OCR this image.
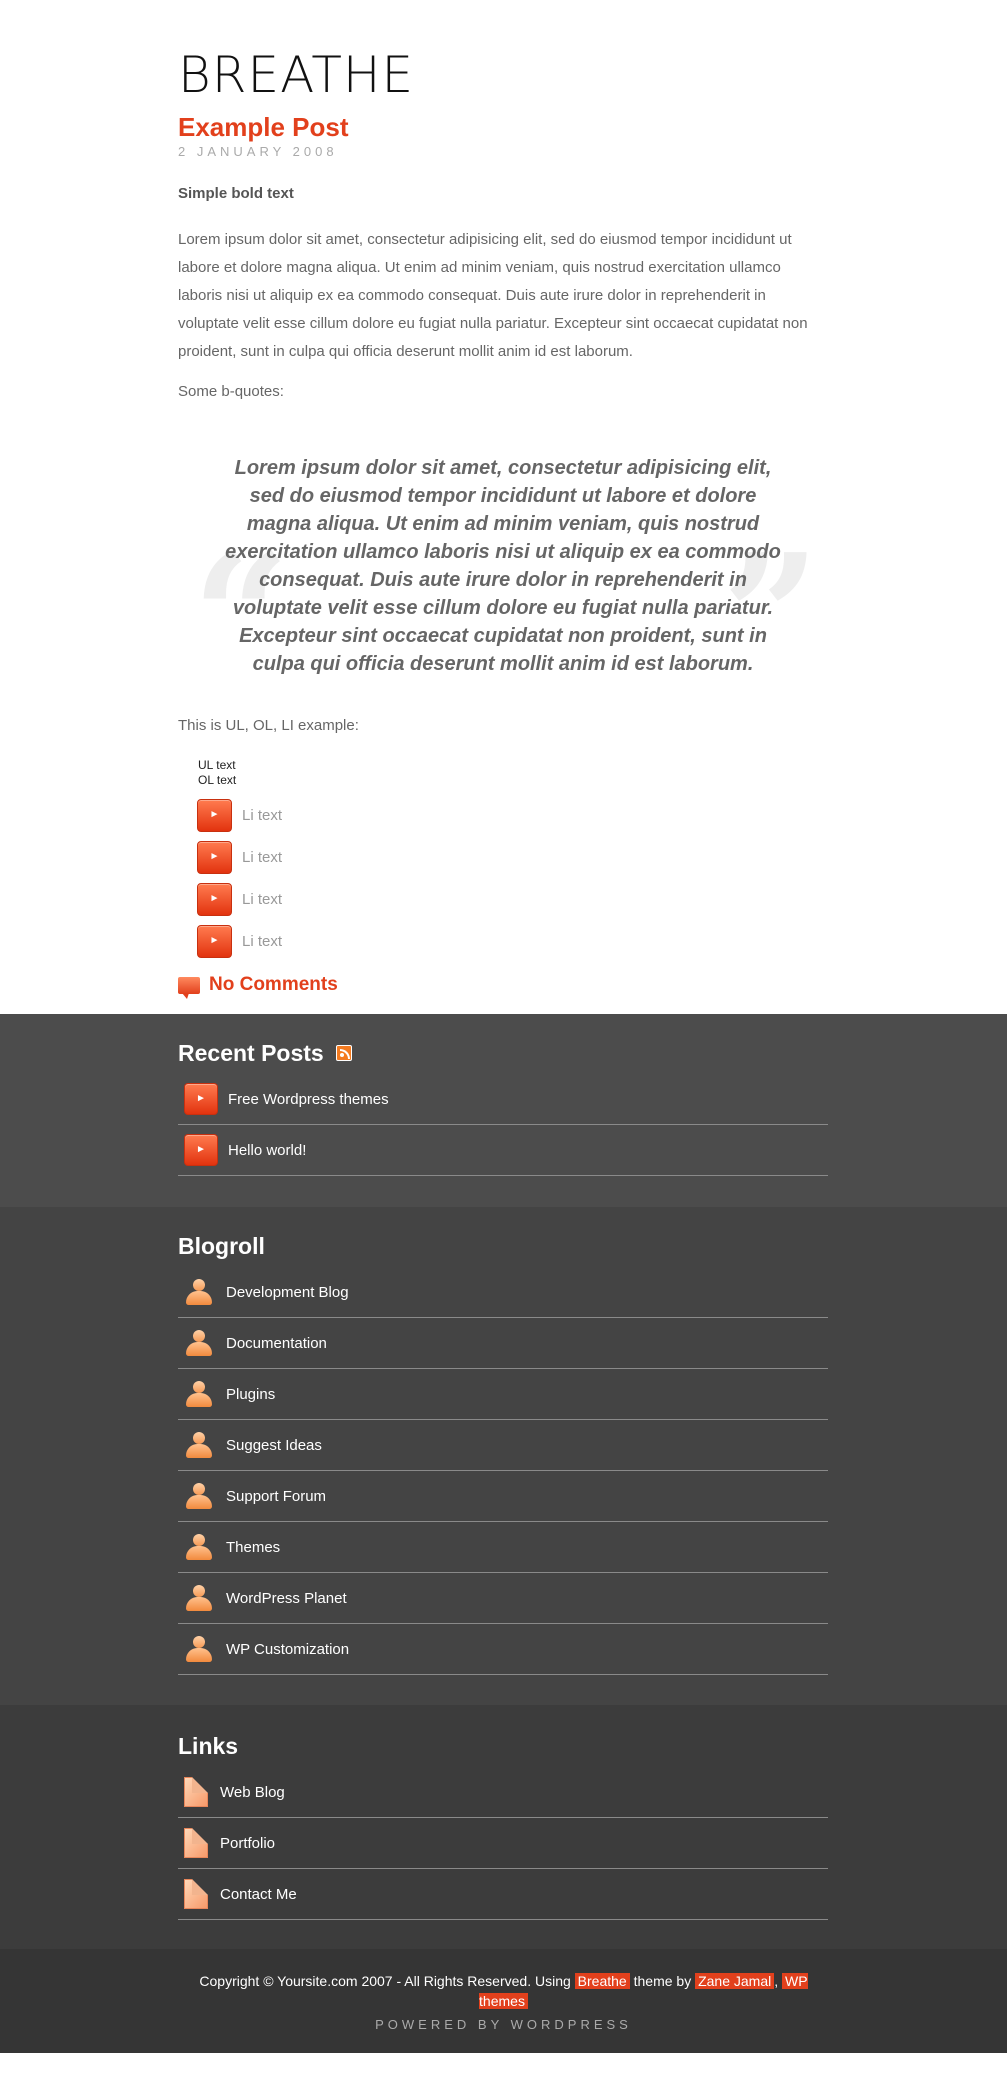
BREATHE
Example Post
2 JANUARY 2008
Simple bold text
Lorem ipsum dolor sit amet, consectetur adipisicing elit, sed do eiusmod tempor incididunt ut labore et dolore magna aliqua. Ut enim ad minim veniam, quis nostrud exercitation ullamco laboris nisi ut aliquip ex ea commodo consequat. Duis aute irure dolor in reprehenderit in voluptate velit esse cillum dolore eu fugiat nulla pariatur. Excepteur sint occaecat cupidatat non proident, sunt in culpa qui officia deserunt mollit anim id est laborum.
Some b-quotes:
“	”
Lorem ipsum dolor sit amet, consectetur adipisicing elit, sed do eiusmod tempor incididunt ut labore et dolore magna aliqua. Ut enim ad minim veniam, quis nostrud exercitation ullamco laboris nisi ut aliquip ex ea commodo consequat. Duis aute irure dolor in reprehenderit in voluptate velit esse cillum dolore eu fugiat nulla pariatur. Excepteur sint occaecat cupidatat non proident, sunt in culpa qui officia deserunt mollit anim id est laborum.
This is UL, OL, LI example:
UL text
OL text
► Li text
► Li text
► Li text
► Li text
No Comments
Recent Posts
► Free Wordpress themes
► Hello world!
Blogroll
Development Blog
Documentation
Plugins
Suggest Ideas
Support Forum
Themes
WordPress Planet
WP Customization
Links
Web Blog
Portfolio
Contact Me
Copyright © Yoursite.com 2007 - All Rights Reserved. Using Breathe theme by Zane Jamal , WP themes
POWERED BY WORDPRESS
